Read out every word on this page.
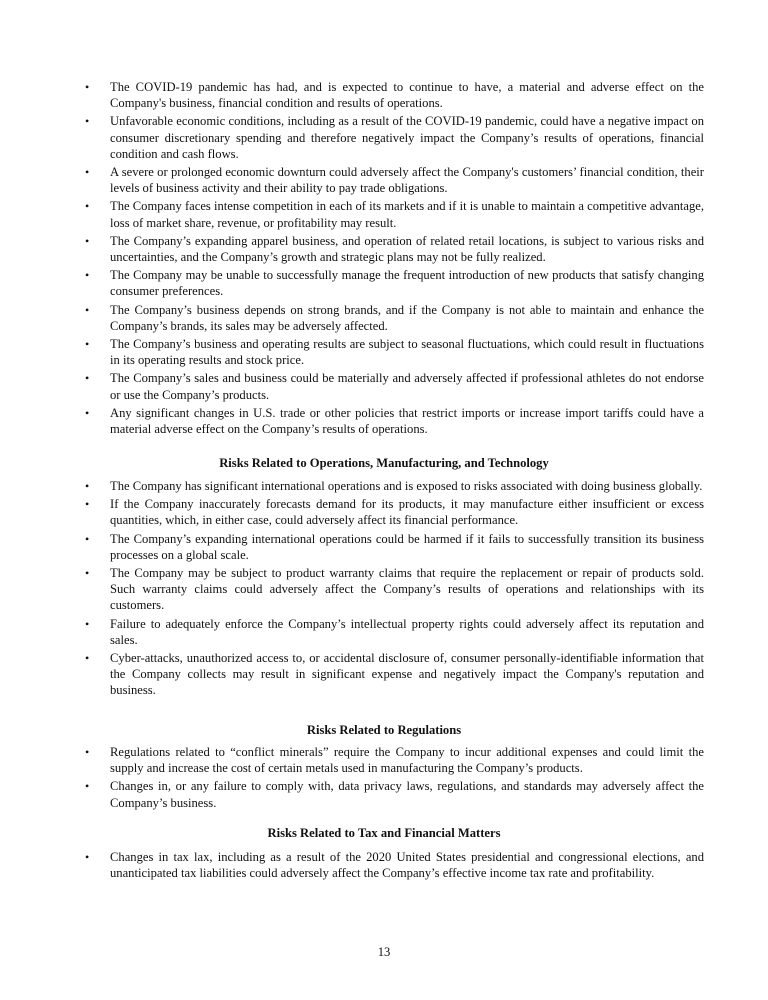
• The COVID-19 pandemic has had, and is expected to continue to have, a material and adverse effect on the Company's business, financial condition and results of operations.
• Unfavorable economic conditions, including as a result of the COVID-19 pandemic, could have a negative impact on consumer discretionary spending and therefore negatively impact the Company’s results of operations, financial condition and cash flows.
• A severe or prolonged economic downturn could adversely affect the Company's customers’ financial condition, their levels of business activity and their ability to pay trade obligations.
• The Company faces intense competition in each of its markets and if it is unable to maintain a competitive advantage, loss of market share, revenue, or profitability may result.
• The Company’s expanding apparel business, and operation of related retail locations, is subject to various risks and uncertainties, and the Company’s growth and strategic plans may not be fully realized.
• The Company may be unable to successfully manage the frequent introduction of new products that satisfy changing consumer preferences.
• The Company’s business depends on strong brands, and if the Company is not able to maintain and enhance the Company’s brands, its sales may be adversely affected.
• The Company’s business and operating results are subject to seasonal fluctuations, which could result in fluctuations in its operating results and stock price.
• The Company’s sales and business could be materially and adversely affected if professional athletes do not endorse or use the Company’s products.
• Any significant changes in U.S. trade or other policies that restrict imports or increase import tariffs could have a material adverse effect on the Company’s results of operations.
Risks Related to Operations, Manufacturing, and Technology
• The Company has significant international operations and is exposed to risks associated with doing business globally.
• If the Company inaccurately forecasts demand for its products, it may manufacture either insufficient or excess quantities, which, in either case, could adversely affect its financial performance.
• The Company’s expanding international operations could be harmed if it fails to successfully transition its business processes on a global scale.
• The Company may be subject to product warranty claims that require the replacement or repair of products sold. Such warranty claims could adversely affect the Company’s results of operations and relationships with its customers.
• Failure to adequately enforce the Company’s intellectual property rights could adversely affect its reputation and sales.
• Cyber-attacks, unauthorized access to, or accidental disclosure of, consumer personally-identifiable information that the Company collects may result in significant expense and negatively impact the Company's reputation and business.
Risks Related to Regulations
• Regulations related to “conflict minerals” require the Company to incur additional expenses and could limit the supply and increase the cost of certain metals used in manufacturing the Company’s products.
• Changes in, or any failure to comply with, data privacy laws, regulations, and standards may adversely affect the Company’s business.
Risks Related to Tax and Financial Matters
• Changes in tax lax, including as a result of the 2020 United States presidential and congressional elections, and unanticipated tax liabilities could adversely affect the Company’s effective income tax rate and profitability.
13
